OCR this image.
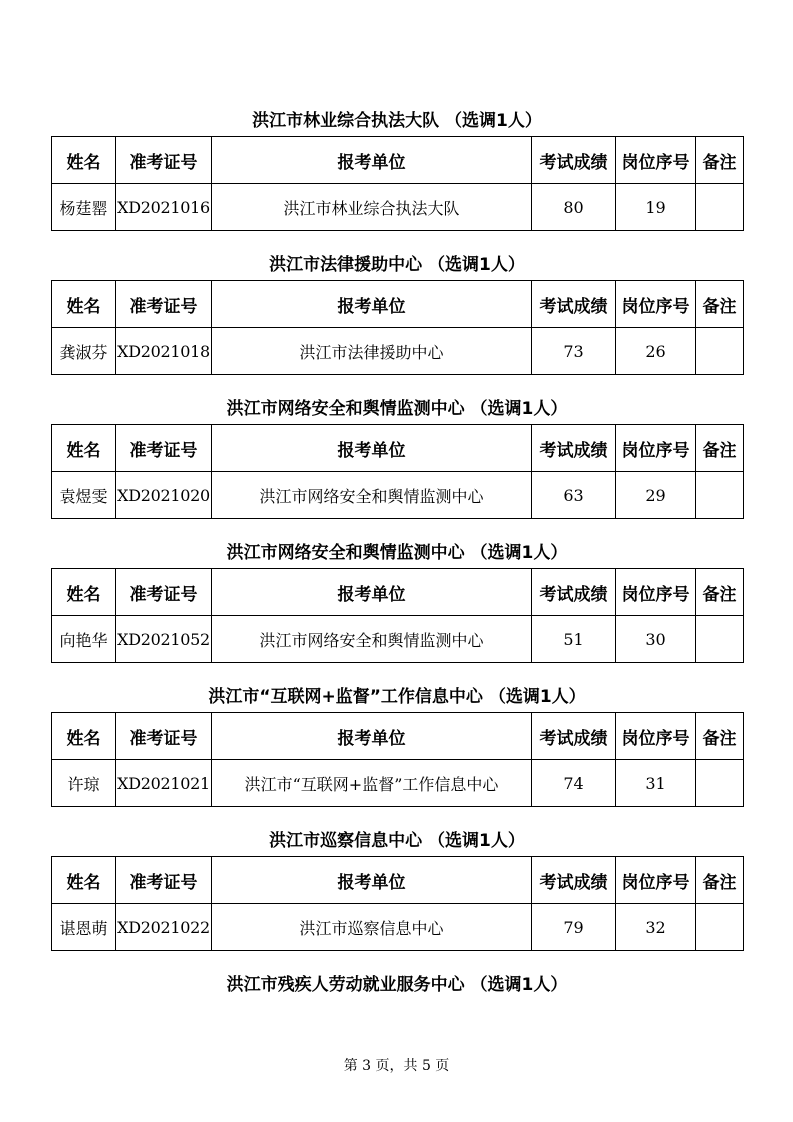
洪江市林业综合执法大队 （选调1人）
姓名	准考证号	报考单位	考试成绩	岗位序号	备注
杨莛罂	XD2021016	洪江市林业综合执法大队	80	19	
洪江市法律援助中心 （选调1人）
姓名	准考证号	报考单位	考试成绩	岗位序号	备注
龚淑芬	XD2021018	洪江市法律援助中心	73	26	
洪江市网络安全和舆情监测中心 （选调1人）
姓名	准考证号	报考单位	考试成绩	岗位序号	备注
袁煜雯	XD2021020	洪江市网络安全和舆情监测中心	63	29	
洪江市网络安全和舆情监测中心 （选调1人）
姓名	准考证号	报考单位	考试成绩	岗位序号	备注
向艳华	XD2021052	洪江市网络安全和舆情监测中心	51	30	
洪江市“互联网+监督”工作信息中心 （选调1人）
姓名	准考证号	报考单位	考试成绩	岗位序号	备注
许琼	XD2021021	洪江市“互联网+监督”工作信息中心	74	31	
洪江市巡察信息中心 （选调1人）
姓名	准考证号	报考单位	考试成绩	岗位序号	备注
谌恩萌	XD2021022	洪江市巡察信息中心	79	32	
洪江市残疾人劳动就业服务中心 （选调1人）
第 3 页，共 5 页
